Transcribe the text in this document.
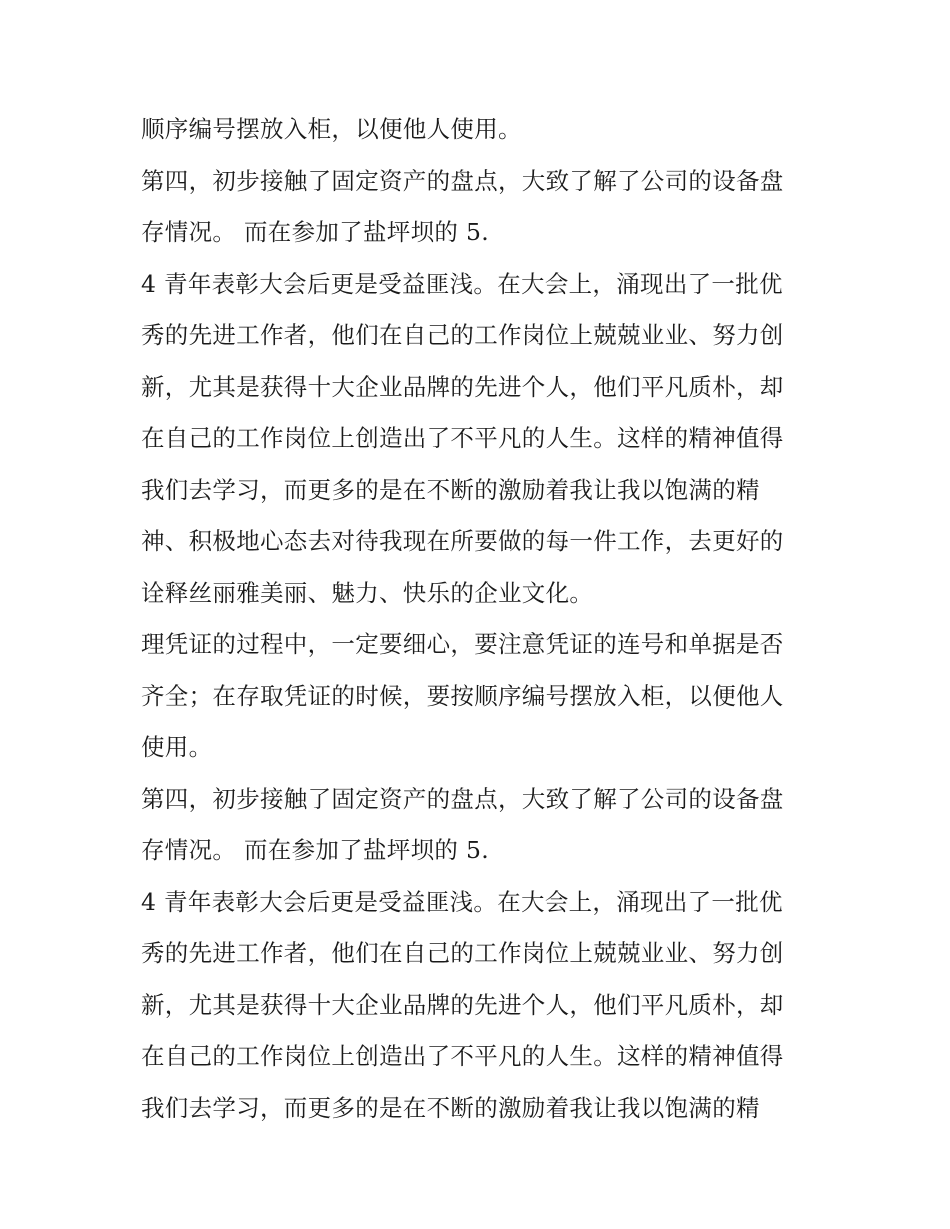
顺序编号摆放入柜，以便他人使用。
第四，初步接触了固定资产的盘点，大致了解了公司的设备盘
存情况。 而在参加了盐坪坝的 5.
4 青年表彰大会后更是受益匪浅。在大会上，涌现出了一批优
秀的先进工作者，他们在自己的工作岗位上兢兢业业、努力创
新，尤其是获得十大企业品牌的先进个人，他们平凡质朴，却
在自己的工作岗位上创造出了不平凡的人生。这样的精神值得
我们去学习，而更多的是在不断的激励着我让我以饱满的精
神、积极地心态去对待我现在所要做的每一件工作，去更好的
诠释丝丽雅美丽、魅力、快乐的企业文化。
理凭证的过程中，一定要细心，要注意凭证的连号和单据是否
齐全；在存取凭证的时候，要按顺序编号摆放入柜，以便他人
使用。
第四，初步接触了固定资产的盘点，大致了解了公司的设备盘
存情况。 而在参加了盐坪坝的 5.
4 青年表彰大会后更是受益匪浅。在大会上，涌现出了一批优
秀的先进工作者，他们在自己的工作岗位上兢兢业业、努力创
新，尤其是获得十大企业品牌的先进个人，他们平凡质朴，却
在自己的工作岗位上创造出了不平凡的人生。这样的精神值得
我们去学习，而更多的是在不断的激励着我让我以饱满的精
